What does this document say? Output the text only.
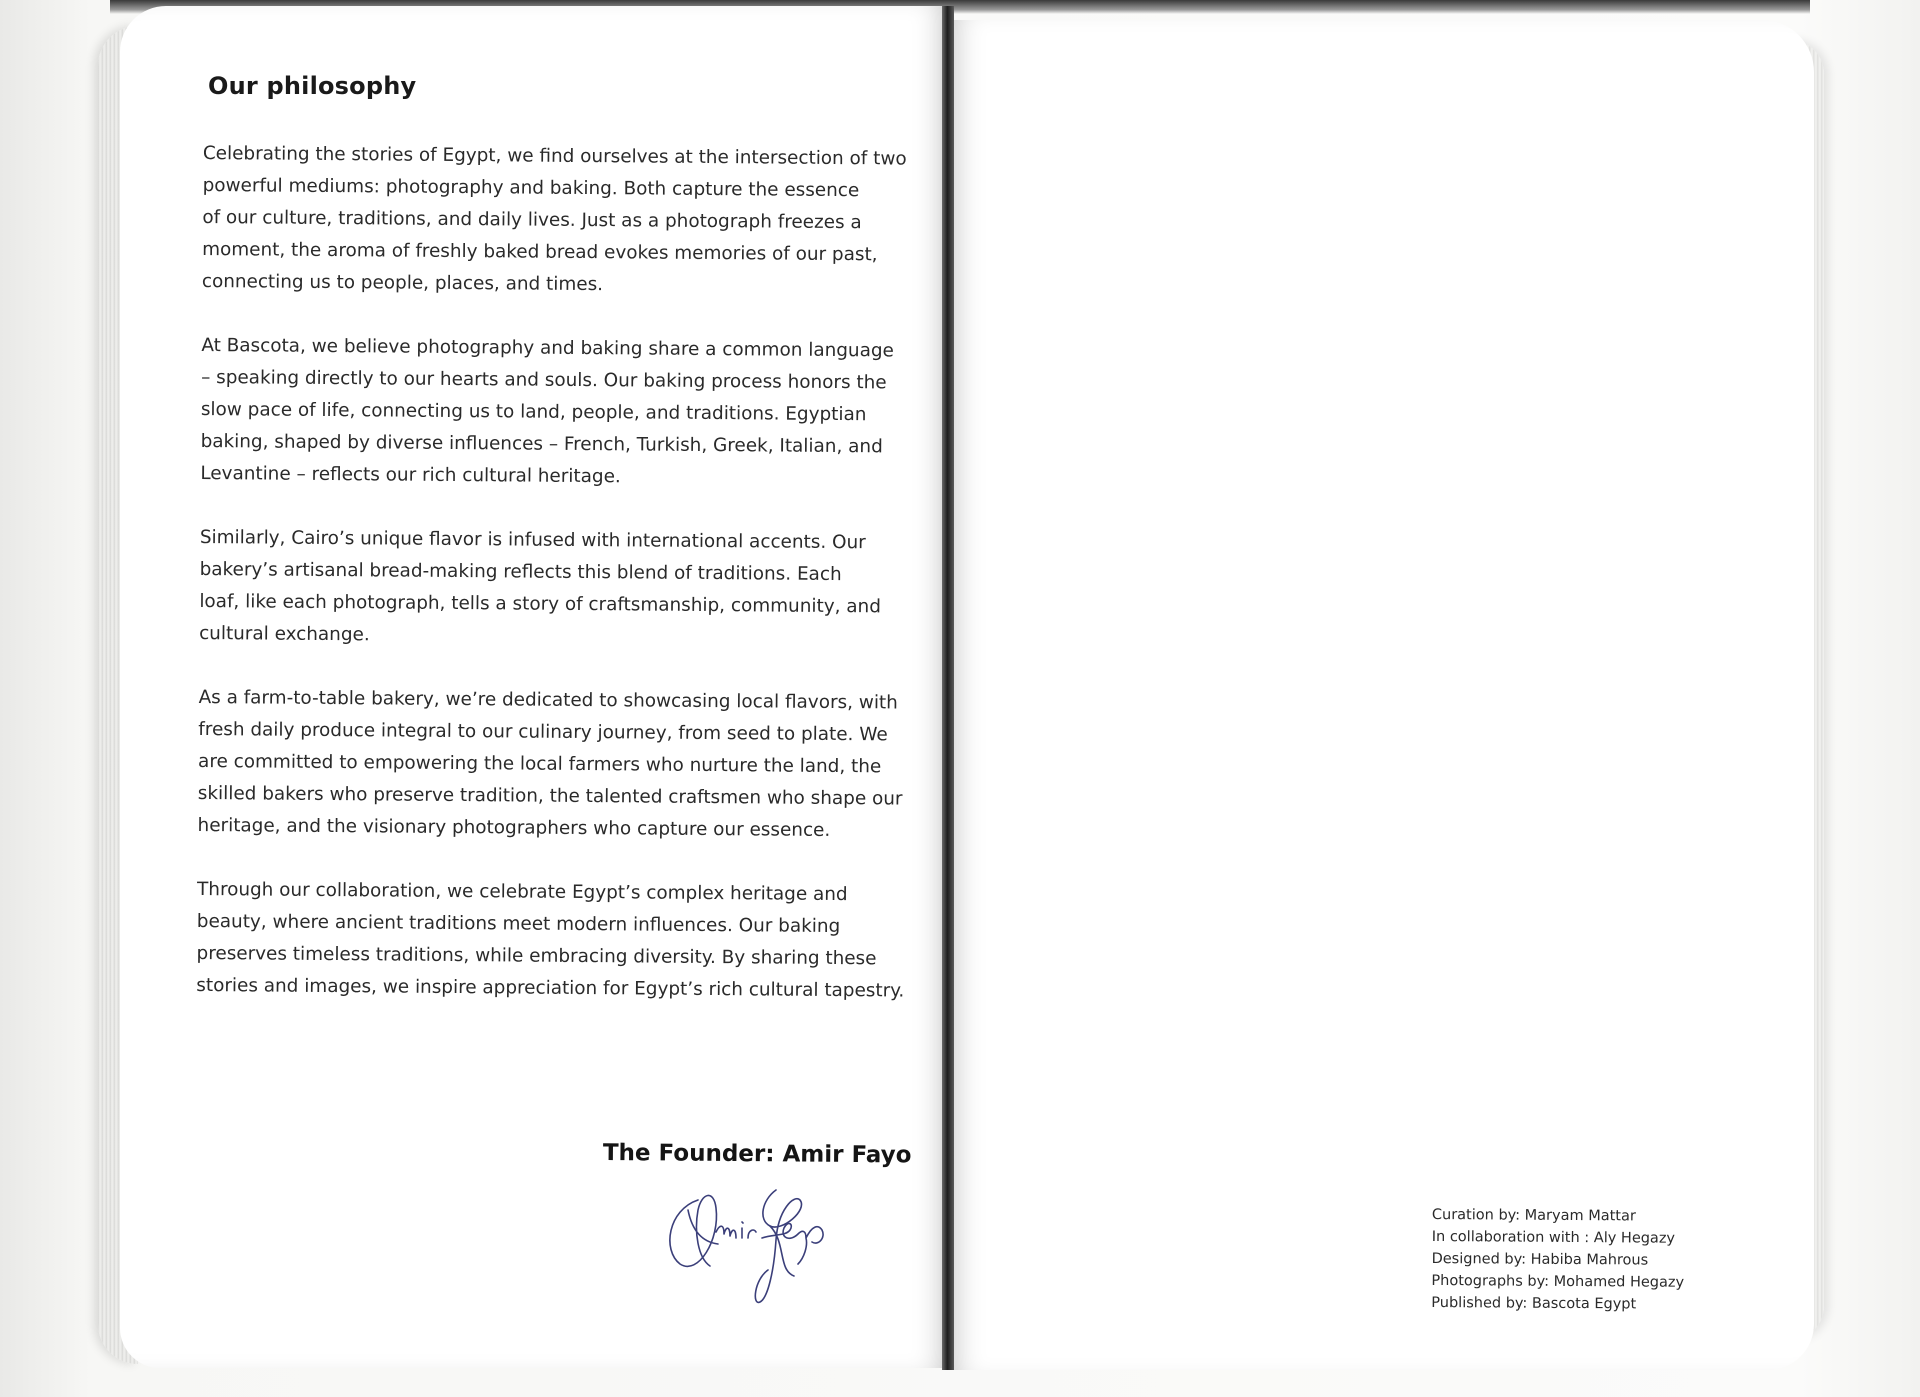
Our philosophy

Celebrating the stories of Egypt, we find ourselves at the intersection of two
powerful mediums: photography and baking. Both capture the essence
of our culture, traditions, and daily lives. Just as a photograph freezes a
moment, the aroma of freshly baked bread evokes memories of our past,
connecting us to people, places, and times.

At Bascota, we believe photography and baking share a common language
– speaking directly to our hearts and souls. Our baking process honors the
slow pace of life, connecting us to land, people, and traditions. Egyptian
baking, shaped by diverse influences – French, Turkish, Greek, Italian, and
Levantine – reflects our rich cultural heritage.

Similarly, Cairo’s unique flavor is infused with international accents. Our
bakery’s artisanal bread-making reflects this blend of traditions. Each
loaf, like each photograph, tells a story of craftsmanship, community, and
cultural exchange.

As a farm-to-table bakery, we’re dedicated to showcasing local flavors, with
fresh daily produce integral to our culinary journey, from seed to plate. We
are committed to empowering the local farmers who nurture the land, the
skilled bakers who preserve tradition, the talented craftsmen who shape our
heritage, and the visionary photographers who capture our essence.

Through our collaboration, we celebrate Egypt’s complex heritage and
beauty, where ancient traditions meet modern influences. Our baking
preserves timeless traditions, while embracing diversity. By sharing these
stories and images, we inspire appreciation for Egypt’s rich cultural tapestry.

The Founder: Amir Fayo
Curation by: Maryam Mattar
In collaboration with : Aly Hegazy
Designed by: Habiba Mahrous
Photographs by: Mohamed Hegazy
Published by: Bascota Egypt
